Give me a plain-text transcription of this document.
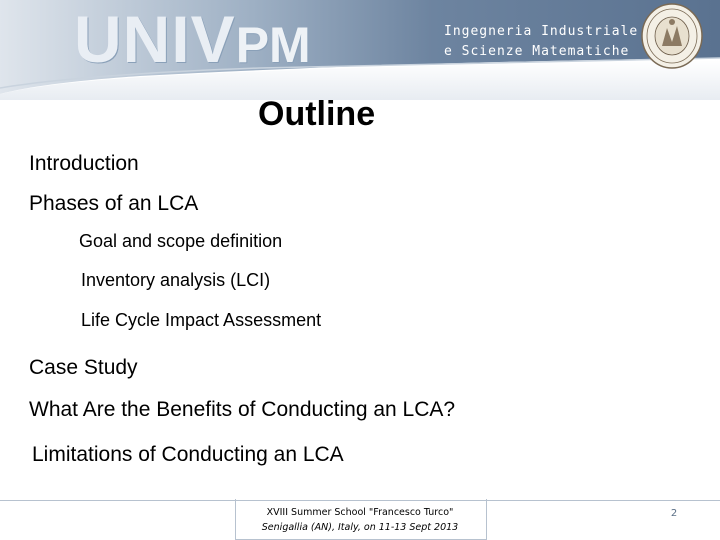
UNIVPM	Ingegneria Industriale
e Scienze Matematiche
Outline
Introduction
Phases of an LCA
Goal and scope definition
Inventory analysis (LCI)
Life Cycle Impact Assessment
Case Study
What Are the Benefits of Conducting an LCA?
Limitations of Conducting an LCA
XVIII Summer School "Francesco Turco"
Senigallia (AN), Italy, on 11-13 Sept 2013
2
